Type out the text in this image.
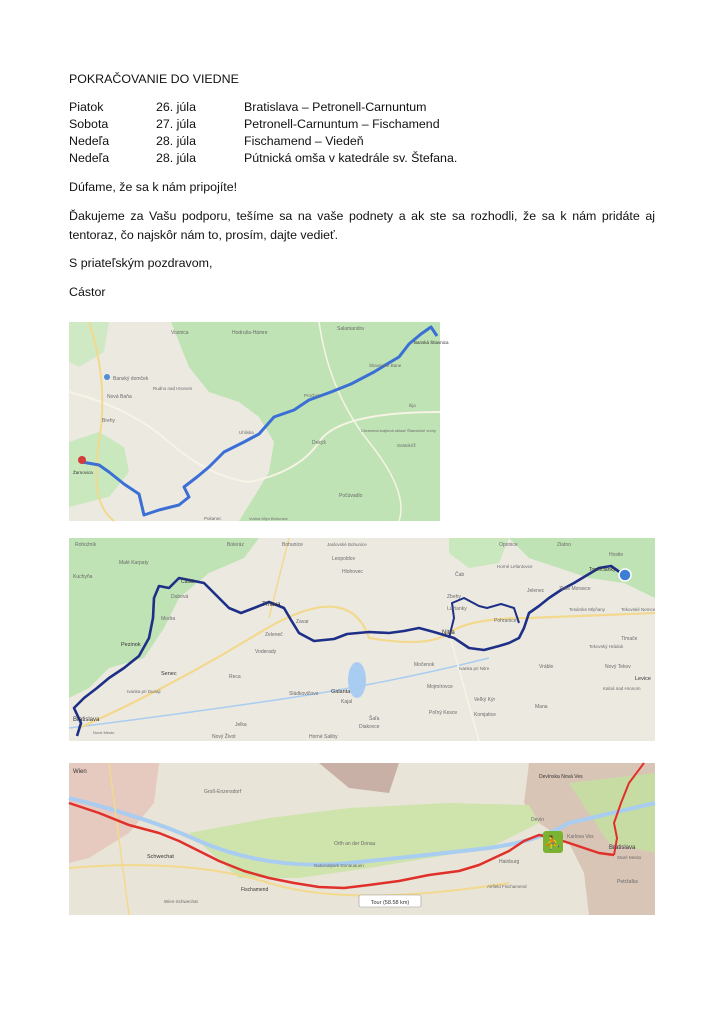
POKRAČOVANIE DO VIEDNE
Piatok	26. júla	Bratislava – Petronell-Carnuntum
Sobota	27. júla	Petronell-Carnuntum – Fischamend
Nedeľa	28. júla	Fischamend – Viedeň
Nedeľa	28. júla	Pútnická omša v katedrále sv. Štefana.
Dúfame, že sa k nám pripojíte!
Ďakujeme za Vašu podporu, tešíme sa na vaše podnety a ak ste sa rozhodli, že sa k nám pridáte aj tentoraz, čo najskôr nám to, prosím, dajte vedieť.
S priateľským pozdravom,
Cástor
Voznica	Hodruša-Hámre
Salamandra
Banská Štiavnica
Štiavnické Bane
Banský domček
Nová Baňa
Rudno nad Hronom
Brehy
Žarnovica
Prochot
Uhliska
Svätokríž
Chránená krajinná oblasť Štiavnické vrchy
Dekýš
Ilija
Počúvadlo
Pukanec	Vodná Mlyn Bohunice
Rohožník
Malé Karpaty
Kuchyňa
Častá
Dubová
Modra
Pezinok
Senec
Ivanka pri Dunaji
Bratislava
Jelka
Nový Život
Boleráz	Bohunice	Jaslovské Bohunice
Leopoldov
Hlohovec
Trnava
Zavar
Zeleneč
Voderady
Reca
Sládkovičovo Galanta
Kajal
Šaľa
Diakovce
Horné Saliby
Čab
Zbehy
Lužianky
Nitra
Pohranice
Močenok
Ivanka pri Nitre
Mojmírovce
Veľký Kýr
Poľný Kesov	Komjatice
Mana
Horné Lefantovce
Jelenec
Oponice	Zlatno
Hostie
Topoľčianky
Zlaté Moravce
Tesárske Mlyňany	Tekovské Nemce
Vráble	Nový Tekov
Tlmače
Levice
Kalná nad Hronom
Tekovský Hrádok
Nové Mesto
⛹
Tour (58.58 km)
Wien
Groß-Enzersdorf
Schwechat
Orth an der Donau
Nationalpark Donauauen
Fischamend
Devínska Nová Ves
Karlova Ves
Devín
Hainburg
Bratislava
Staré Mesto
Petržalka
Airfield Fischamend
Wien-Schwechat
